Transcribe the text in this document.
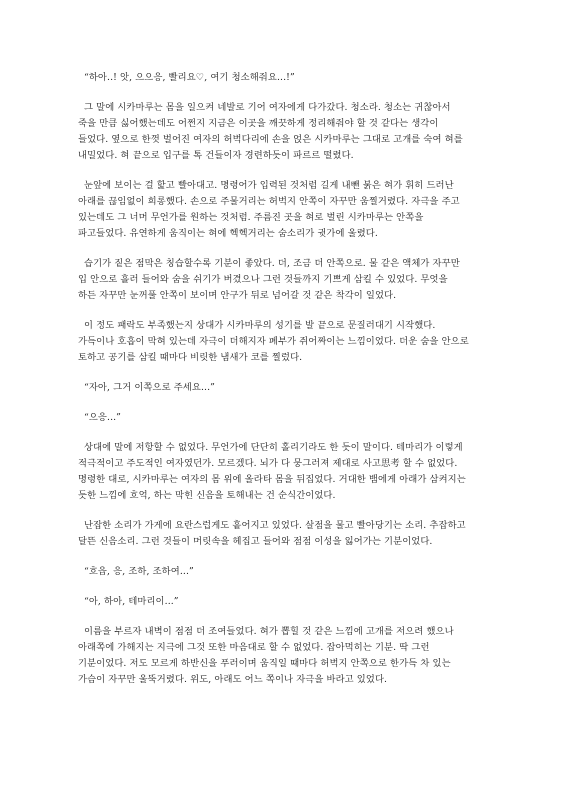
“하아..! 앗, 으으응, 빨리요♡, 여기 청소해줘요...!”

그 말에 시카마루는 몸을 일으켜 네발로 기어 여자에게 다가갔다. 청소라. 청소는 귀찮아서
죽을 만큼 싫어했는데도 어쩐지 지금은 이곳을 깨끗하게 정리해줘야 할 것 같다는 생각이
들었다. 옆으로 한껏 벌어진 여자의 허벅다리에 손을 얹은 시카마루는 그대로 고개를 숙여 혀를
내밀었다. 혀 끝으로 입구를 톡 건들이자 경련하듯이 파르르 떨렸다.

눈앞에 보이는 걸 핥고 빨아대고. 명령어가 입력된 것처럼 길게 내뺀 붉은 혀가 휘히 드러난
아래를 끊임없이 희롱했다. 손으로 주물거리는 허벅지 안쪽이 자꾸만 움찔거렸다. 자극을 주고
있는데도 그 너머 무언가를 원하는 것처럼. 주름진 곳을 혀로 벌린 시카마루는 안쪽을
파고들었다. 유연하게 움직이는 혀에 헥헥거리는 숨소리가 귓가에 울렸다.

습기가 짙은 점막은 칭습할수록 기분이 좋았다. 더, 조금 더 안쪽으로. 물 같은 액체가 자꾸만
입 안으로 흘러 들어와 숨을 쉬기가 버겼으나 그런 것들까지 기쁘게 삼킬 수 있었다. 무엇을
하든 자꾸만 눈꺼풀 안쪽이 보이며 안구가 뒤로 넘어갈 것 같은 착각이 일었다.

이 정도 패락도 부족했는지 상대가 시카마루의 성기를 발 끝으로 문질러대기 시작했다.
가득이나 호흡이 막혀 있는데 자극이 더해지자 폐부가 쥐어짜이는 느낌이었다. 더운 숨을 안으로
토하고 공기를 삼킬 때마다 비릿한 냄새가 코를 찔렀다.

“자아, 그거 이쪽으로 주세요...”

“으응...”

상대에 말에 저항할 수 없었다. 무언가에 단단히 홀리기라도 한 듯이 말이다. 테마리가 이렇게
적극적이고 주도적인 여자였던가. 모르겠다. 뇌가 다 뭉그러져 제대로 사고思考 할 수 없었다.
명령한 대로, 시카마루는 여자의 몸 위에 올라타 몸을 뒤집었다. 거대한 뱀에게 아래가 삼켜지는
듯한 느낌에 흐억, 하는 막힌 신음을 토해내는 건 순식간이었다.

난잡한 소리가 가게에 요란스럽게도 흩어지고 있었다. 살점을 물고 빨아당기는 소리. 추잡하고
달뜬 신음소리. 그런 것들이 머릿속을 헤집고 들어와 점점 이성을 잃어가는 기분이었다.

“흐읍, 응, 조하, 조하여...”

“아, 하아, 테마리이...”

이름을 부르자 내벽이 점점 더 조여들었다. 혀가 뽑힐 것 같은 느낌에 고개를 저으려 했으나
아래쪽에 가해지는 지극에 그것 또한 마음대로 할 수 없었다. 잡아먹히는 기분. 딱 그런
기분이었다. 저도 모르게 하반신을 푸러이며 움직일 때마다 허벅지 안쪽으로 한가득 차 있는
가슴이 자꾸만 울뚝거렸다. 위도, 아래도 어느 쪽이나 자극을 바라고 있었다.
